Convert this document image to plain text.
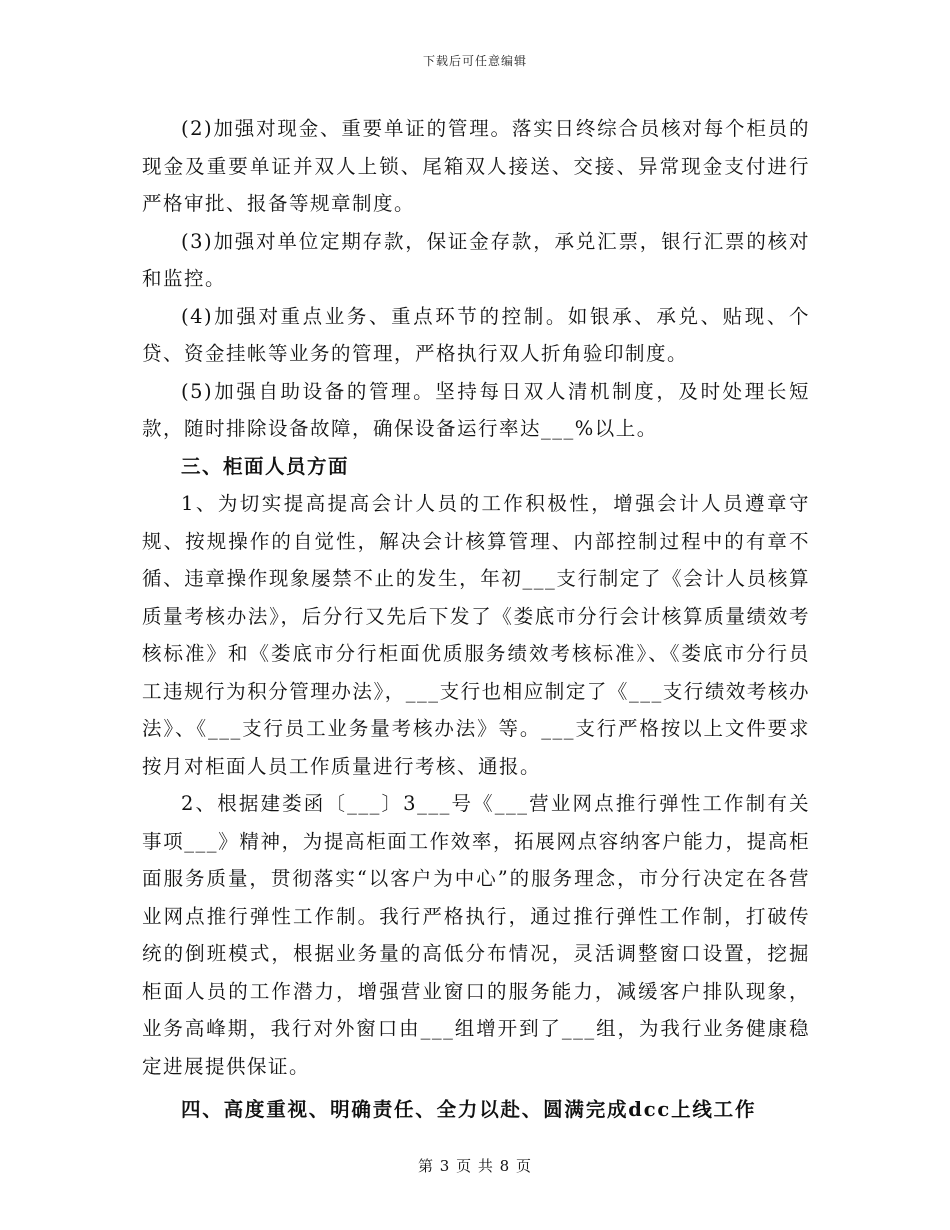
下载后可任意编辑

(2)加强对现金、重要单证的管理。落实日终综合员核对每个柜员的现金及重要单证并双人上锁、尾箱双人接送、交接、异常现金支付进行严格审批、报备等规章制度。

(3)加强对单位定期存款，保证金存款，承兑汇票，银行汇票的核对和监控。

(4)加强对重点业务、重点环节的控制。如银承、承兑、贴现、个贷、资金挂帐等业务的管理，严格执行双人折角验印制度。

(5)加强自助设备的管理。坚持每日双人清机制度，及时处理长短款，随时排除设备故障，确保设备运行率达___%以上。

三、柜面人员方面

1、为切实提高提高会计人员的工作积极性，增强会计人员遵章守规、按规操作的自觉性，解决会计核算管理、内部控制过程中的有章不循、违章操作现象屡禁不止的发生，年初___支行制定了《会计人员核算质量考核办法》，后分行又先后下发了《娄底市分行会计核算质量绩效考核标准》和《娄底市分行柜面优质服务绩效考核标准》、《娄底市分行员工违规行为积分管理办法》，___支行也相应制定了《___支行绩效考核办法》、《___支行员工业务量考核办法》等。___支行严格按以上文件要求按月对柜面人员工作质量进行考核、通报。

2、根据建娄函〔___〕3___号《___营业网点推行弹性工作制有关事项___》精神，为提高柜面工作效率，拓展网点容纳客户能力，提高柜面服务质量，贯彻落实“以客户为中心”的服务理念，市分行决定在各营业网点推行弹性工作制。我行严格执行，通过推行弹性工作制，打破传统的倒班模式，根据业务量的高低分布情况，灵活调整窗口设置，挖掘柜面人员的工作潜力，增强营业窗口的服务能力，减缓客户排队现象，业务高峰期，我行对外窗口由___组增开到了___组，为我行业务健康稳定进展提供保证。

四、高度重视、明确责任、全力以赴、圆满完成dcc上线工作

第 3 页 共 8 页
